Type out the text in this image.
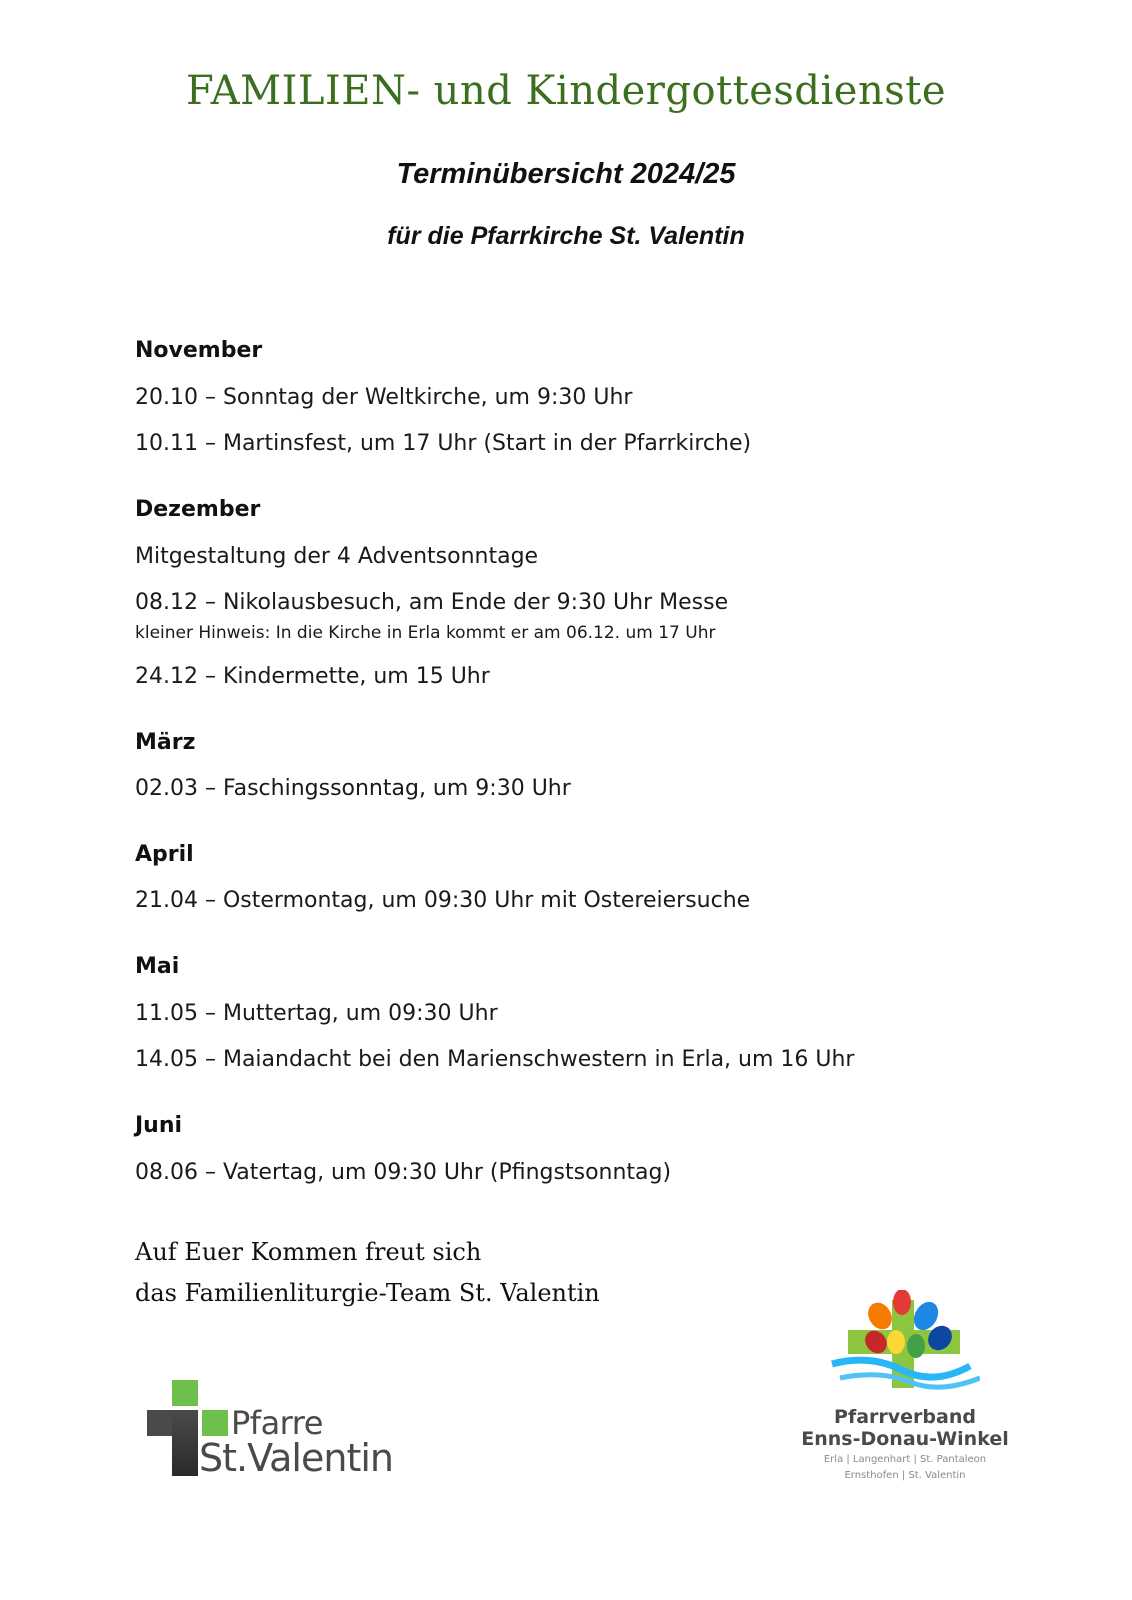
FAMILIEN- und Kindergottesdienste
Terminübersicht 2024/25
für die Pfarrkirche St. Valentin
November
20.10 – Sonntag der Weltkirche, um 9:30 Uhr
10.11 – Martinsfest, um 17 Uhr (Start in der Pfarrkirche)
Dezember
Mitgestaltung der 4 Adventsonntage
08.12 – Nikolausbesuch, am Ende der 9:30 Uhr Messe
kleiner Hinweis: In die Kirche in Erla kommt er am 06.12. um 17 Uhr
24.12 – Kindermette, um 15 Uhr
März
02.03 – Faschingssonntag, um 9:30 Uhr
April
21.04 – Ostermontag, um 09:30 Uhr mit Ostereiersuche
Mai
11.05 – Muttertag, um 09:30 Uhr
14.05 – Maiandacht bei den Marienschwestern in Erla, um 16 Uhr
Juni
08.06 – Vatertag, um 09:30 Uhr (Pfingstsonntag)
Auf Euer Kommen freut sich
das Familienliturgie-Team St. Valentin
Pfarre
St.Valentin
Pfarrverband
Enns-Donau-Winkel
Erla | Langenhart | St. Pantaleon
Ernsthofen | St. Valentin
